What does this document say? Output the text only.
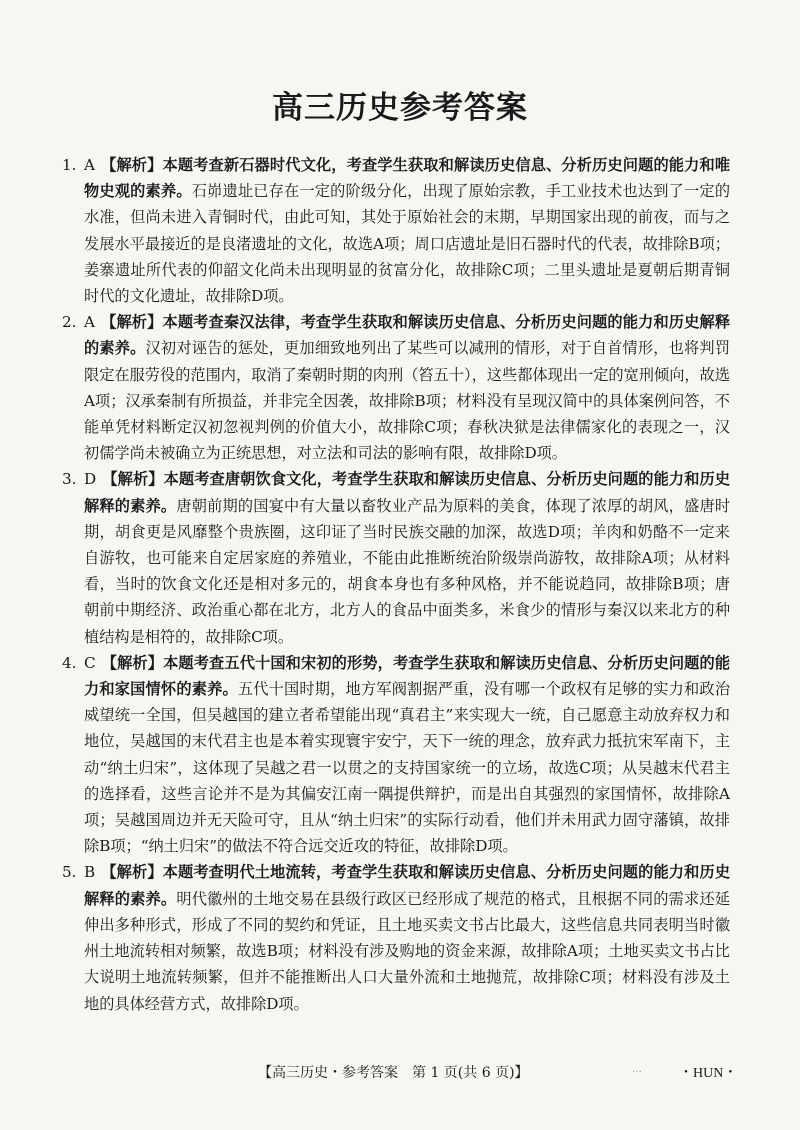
高三历史参考答案
1. A 【解析】本题考查新石器时代文化，考查学生获取和解读历史信息、分析历史问题的能力和唯物史观的素养。石峁遗址已存在一定的阶级分化，出现了原始宗教，手工业技术也达到了一定的水准，但尚未进入青铜时代，由此可知，其处于原始社会的末期，早期国家出现的前夜，而与之发展水平最接近的是良渚遗址的文化，故选A项；周口店遗址是旧石器时代的代表，故排除B项；姜寨遗址所代表的仰韶文化尚未出现明显的贫富分化，故排除C项；二里头遗址是夏朝后期青铜时代的文化遗址，故排除D项。
2. A 【解析】本题考查秦汉法律，考查学生获取和解读历史信息、分析历史问题的能力和历史解释的素养。汉初对诬告的惩处，更加细致地列出了某些可以减刑的情形，对于自首情形，也将判罚限定在服劳役的范围内，取消了秦朝时期的肉刑（笞五十），这些都体现出一定的宽刑倾向，故选A项；汉承秦制有所损益，并非完全因袭，故排除B项；材料没有呈现汉简中的具体案例问答，不能单凭材料断定汉初忽视判例的价值大小，故排除C项；春秋决狱是法律儒家化的表现之一，汉初儒学尚未被确立为正统思想，对立法和司法的影响有限，故排除D项。
3. D 【解析】本题考查唐朝饮食文化，考查学生获取和解读历史信息、分析历史问题的能力和历史解释的素养。唐朝前期的国宴中有大量以畜牧业产品为原料的美食，体现了浓厚的胡风，盛唐时期，胡食更是风靡整个贵族圈，这印证了当时民族交融的加深，故选D项；羊肉和奶酪不一定来自游牧，也可能来自定居家庭的养殖业，不能由此推断统治阶级崇尚游牧，故排除A项；从材料看，当时的饮食文化还是相对多元的，胡食本身也有多种风格，并不能说趋同，故排除B项；唐朝前中期经济、政治重心都在北方，北方人的食品中面类多，米食少的情形与秦汉以来北方的种植结构是相符的，故排除C项。
4. C 【解析】本题考查五代十国和宋初的形势，考查学生获取和解读历史信息、分析历史问题的能力和家国情怀的素养。五代十国时期，地方军阀割据严重，没有哪一个政权有足够的实力和政治威望统一全国，但吴越国的建立者希望能出现“真君主”来实现大一统，自己愿意主动放弃权力和地位，吴越国的末代君主也是本着实现寰宇安宁，天下一统的理念，放弃武力抵抗宋军南下，主动“纳土归宋”，这体现了吴越之君一以贯之的支持国家统一的立场，故选C项；从吴越末代君主的选择看，这些言论并不是为其偏安江南一隅提供辩护，而是出自其强烈的家国情怀，故排除A项；吴越国周边并无天险可守，且从“纳土归宋”的实际行动看，他们并未用武力固守藩镇，故排除B项；“纳土归宋”的做法不符合远交近攻的特征，故排除D项。
5. B 【解析】本题考查明代土地流转，考查学生获取和解读历史信息、分析历史问题的能力和历史解释的素养。明代徽州的土地交易在县级行政区已经形成了规范的格式，且根据不同的需求还延伸出多种形式，形成了不同的契约和凭证，且土地买卖文书占比最大，这些信息共同表明当时徽州土地流转相对频繁，故选B项；材料没有涉及购地的资金来源，故排除A项；土地买卖文书占比大说明土地流转频繁，但并不能推断出人口大量外流和土地抛荒，故排除C项；材料没有涉及土地的具体经营方式，故排除D项。
【高三历史・参考答案　第 1 页(共 6 页)】	…	・HUN・
